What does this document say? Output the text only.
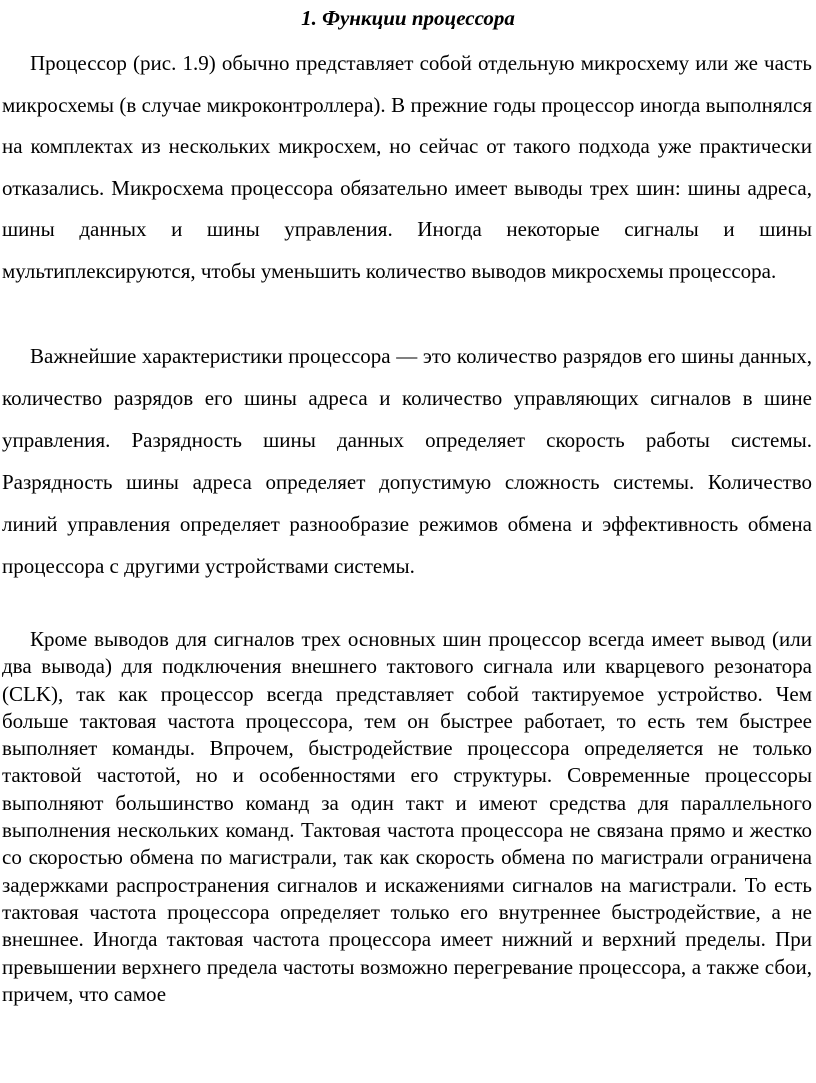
1. Функции процессора

Процессор (рис. 1.9) обычно представляет собой отдельную микросхему или же часть микросхемы (в случае микроконтроллера). В прежние годы процессор иногда выполнялся на комплектах из нескольких микросхем, но сейчас от такого подхода уже практически отказались. Микросхема процессора обязательно имеет выводы трех шин: шины адреса, шины данных и шины управления. Иногда некоторые сигналы и шины мультиплексируются, чтобы уменьшить количество выводов микросхемы процессора.

Важнейшие характеристики процессора — это количество разрядов его шины данных, количество разрядов его шины адреса и количество управляющих сигналов в шине управления. Разрядность шины данных определяет скорость работы системы. Разрядность шины адреса определяет допустимую сложность системы. Количество линий управления определяет разнообразие режимов обмена и эффективность обмена процессора с другими устройствами системы.

Кроме выводов для сигналов трех основных шин процессор всегда имеет вывод (или два вывода) для подключения внешнего тактового сигнала или кварцевого резонатора (CLK), так как процессор всегда представляет собой тактируемое устройство. Чем больше тактовая частота процессора, тем он быстрее работает, то есть тем быстрее выполняет команды. Впрочем, быстродействие процессора определяется не только тактовой частотой, но и особенностями его структуры. Современные процессоры выполняют большинство команд за один такт и имеют средства для параллельного выполнения нескольких команд. Тактовая частота процессора не связана прямо и жестко со скоростью обмена по магистрали, так как скорость обмена по магистрали ограничена задержками распространения сигналов и искажениями сигналов на магистрали. То есть тактовая частота процессора определяет только его внутреннее быстродействие, а не внешнее. Иногда тактовая частота процессора имеет нижний и верхний пределы. При превышении верхнего предела частоты возможно перегревание процессора, а также сбои, причем, что самое
